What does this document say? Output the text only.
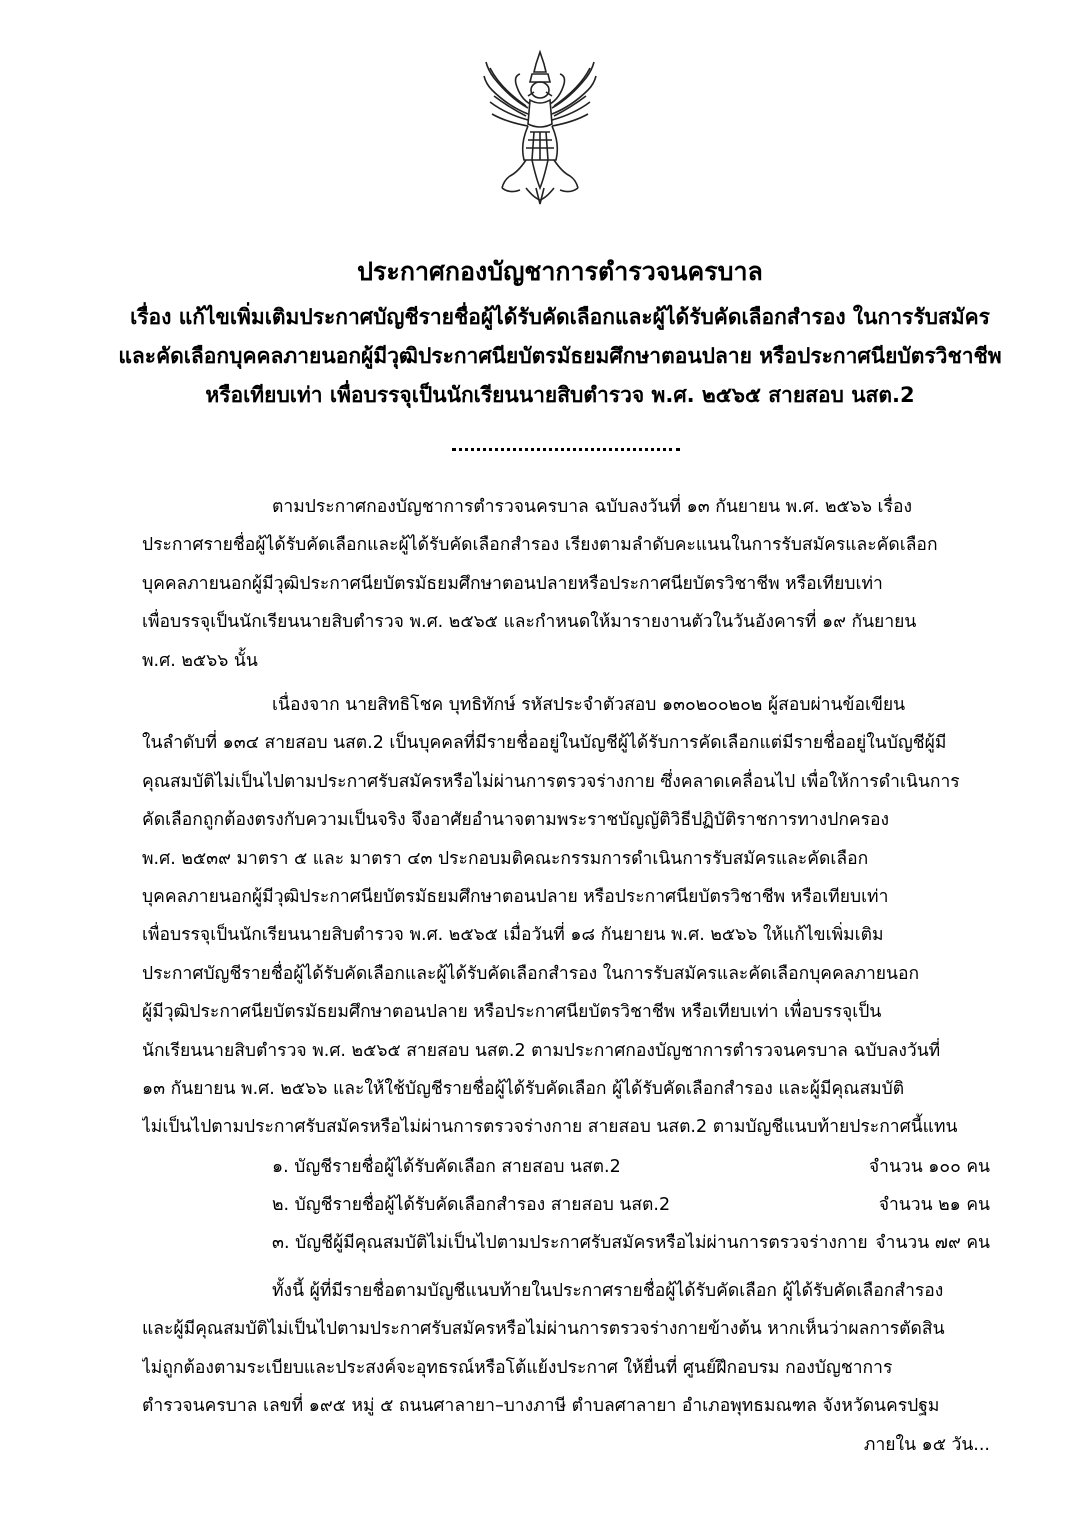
ประกาศกองบัญชาการตำรวจนครบาล
เรื่อง แก้ไขเพิ่มเติมประกาศบัญชีรายชื่อผู้ได้รับคัดเลือกและผู้ได้รับคัดเลือกสำรอง ในการรับสมัคร
และคัดเลือกบุคคลภายนอกผู้มีวุฒิประกาศนียบัตรมัธยมศึกษาตอนปลาย หรือประกาศนียบัตรวิชาชีพ
หรือเทียบเท่า เพื่อบรรจุเป็นนักเรียนนายสิบตำรวจ พ.ศ. ๒๕๖๕ สายสอบ นสต.2
ตามประกาศกองบัญชาการตำรวจนครบาล ฉบับลงวันที่ ๑๓ กันยายน พ.ศ. ๒๕๖๖ เรื่อง
ประกาศรายชื่อผู้ได้รับคัดเลือกและผู้ได้รับคัดเลือกสำรอง เรียงตามลำดับคะแนนในการรับสมัครและคัดเลือก
บุคคลภายนอกผู้มีวุฒิประกาศนียบัตรมัธยมศึกษาตอนปลายหรือประกาศนียบัตรวิชาชีพ หรือเทียบเท่า
เพื่อบรรจุเป็นนักเรียนนายสิบตำรวจ พ.ศ. ๒๕๖๕ และกำหนดให้มารายงานตัวในวันอังคารที่ ๑๙ กันยายน
พ.ศ. ๒๕๖๖ นั้น
เนื่องจาก นายสิทธิโชค บุทธิทักษ์ รหัสประจำตัวสอบ ๑๓๐๒๐๐๒๐๒ ผู้สอบผ่านข้อเขียน
ในลำดับที่ ๑๓๔ สายสอบ นสต.2 เป็นบุคคลที่มีรายชื่ออยู่ในบัญชีผู้ได้รับการคัดเลือกแต่มีรายชื่ออยู่ในบัญชีผู้มี
คุณสมบัติไม่เป็นไปตามประกาศรับสมัครหรือไม่ผ่านการตรวจร่างกาย ซึ่งคลาดเคลื่อนไป เพื่อให้การดำเนินการ
คัดเลือกถูกต้องตรงกับความเป็นจริง จึงอาศัยอำนาจตามพระราชบัญญัติวิธีปฏิบัติราชการทางปกครอง
พ.ศ. ๒๕๓๙ มาตรา ๕ และ มาตรา ๔๓ ประกอบมติคณะกรรมการดำเนินการรับสมัครและคัดเลือก
บุคคลภายนอกผู้มีวุฒิประกาศนียบัตรมัธยมศึกษาตอนปลาย หรือประกาศนียบัตรวิชาชีพ หรือเทียบเท่า
เพื่อบรรจุเป็นนักเรียนนายสิบตำรวจ พ.ศ. ๒๕๖๕ เมื่อวันที่ ๑๘ กันยายน พ.ศ. ๒๕๖๖ ให้แก้ไขเพิ่มเติม
ประกาศบัญชีรายชื่อผู้ได้รับคัดเลือกและผู้ได้รับคัดเลือกสำรอง ในการรับสมัครและคัดเลือกบุคคลภายนอก
ผู้มีวุฒิประกาศนียบัตรมัธยมศึกษาตอนปลาย หรือประกาศนียบัตรวิชาชีพ หรือเทียบเท่า เพื่อบรรจุเป็น
นักเรียนนายสิบตำรวจ พ.ศ. ๒๕๖๕ สายสอบ นสต.2 ตามประกาศกองบัญชาการตำรวจนครบาล ฉบับลงวันที่
๑๓ กันยายน พ.ศ. ๒๕๖๖ และให้ใช้บัญชีรายชื่อผู้ได้รับคัดเลือก ผู้ได้รับคัดเลือกสำรอง และผู้มีคุณสมบัติ
ไม่เป็นไปตามประกาศรับสมัครหรือไม่ผ่านการตรวจร่างกาย สายสอบ นสต.2 ตามบัญชีแนบท้ายประกาศนี้แทน
๑. บัญชีรายชื่อผู้ได้รับคัดเลือก สายสอบ นสต.2	จำนวน ๑๐๐ คน
๒. บัญชีรายชื่อผู้ได้รับคัดเลือกสำรอง สายสอบ นสต.2	จำนวน ๒๑ คน
๓. บัญชีผู้มีคุณสมบัติไม่เป็นไปตามประกาศรับสมัครหรือไม่ผ่านการตรวจร่างกาย จำนวน ๗๙ คน
ทั้งนี้ ผู้ที่มีรายชื่อตามบัญชีแนบท้ายในประกาศรายชื่อผู้ได้รับคัดเลือก ผู้ได้รับคัดเลือกสำรอง
และผู้มีคุณสมบัติไม่เป็นไปตามประกาศรับสมัครหรือไม่ผ่านการตรวจร่างกายข้างต้น หากเห็นว่าผลการตัดสิน
ไม่ถูกต้องตามระเบียบและประสงค์จะอุทธรณ์หรือโต้แย้งประกาศ ให้ยื่นที่ ศูนย์ฝึกอบรม กองบัญชาการ
ตำรวจนครบาล เลขที่ ๑๙๕ หมู่ ๕ ถนนศาลายา–บางภาษี ตำบลศาลายา อำเภอพุทธมณฑล จังหวัดนครปฐม
ภายใน ๑๕ วัน...
